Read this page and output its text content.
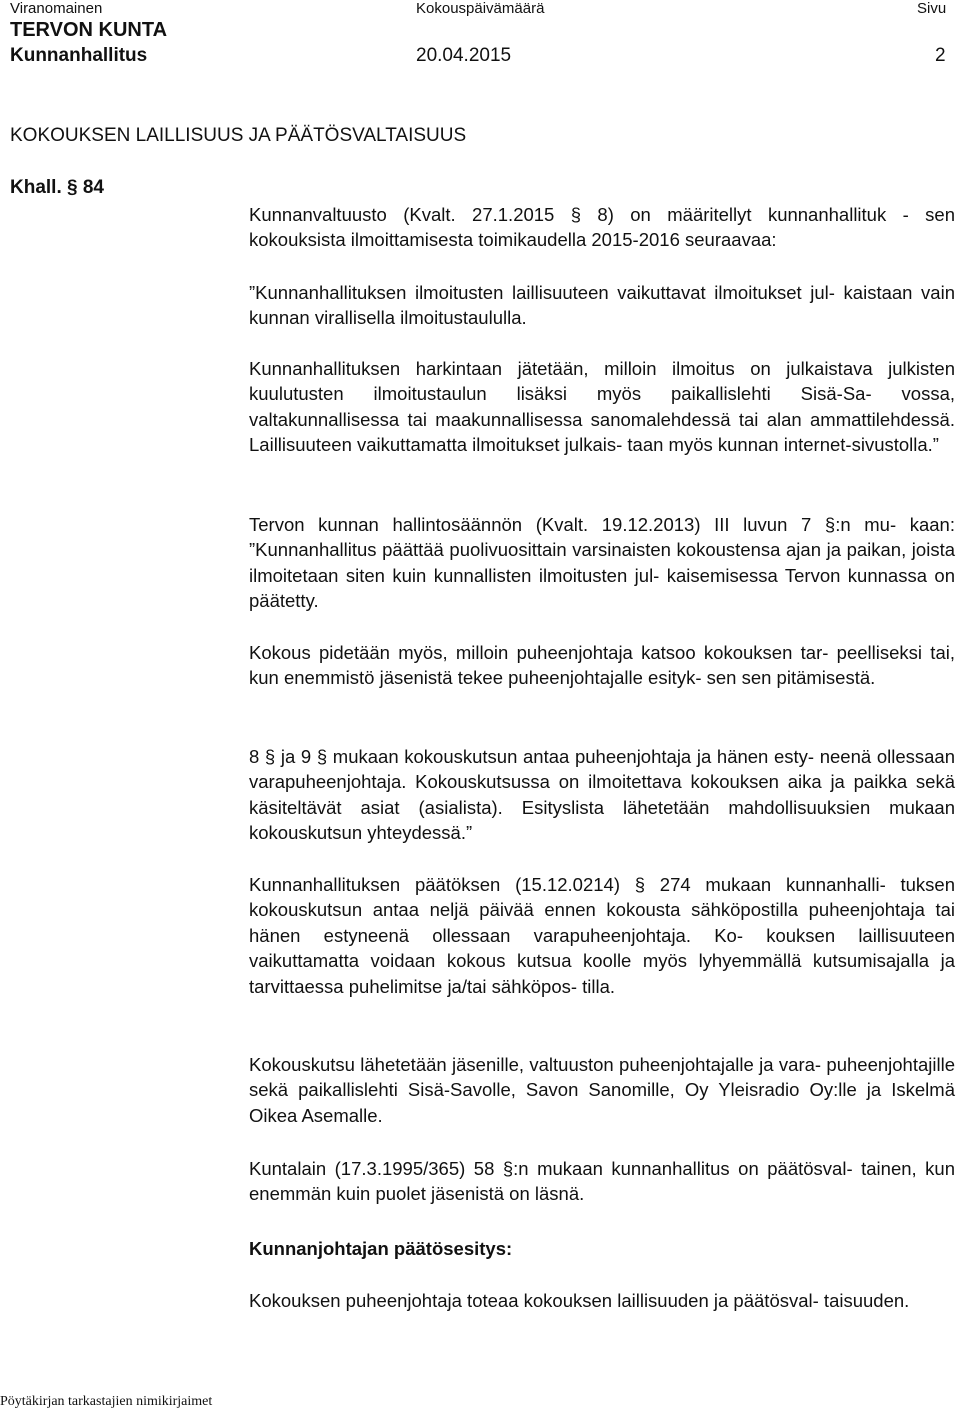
Viranomainen	Kokouspäivämäärä	Sivu
TERVON KUNTA
Kunnanhallitus	20.04.2015	2
KOKOUKSEN LAILLISUUS JA PÄÄTÖSVALTAISUUS
Khall. § 84

Kunnanvaltuusto (Kvalt. 27.1.2015 § 8) on määritellyt kunnanhallituk - sen kokouksista ilmoittamisesta toimikaudella 2015-2016 seuraavaa:

”Kunnanhallituksen ilmoitusten laillisuuteen vaikuttavat ilmoitukset jul- kaistaan vain kunnan virallisella ilmoitustaululla.

Kunnanhallituksen harkintaan jätetään, milloin ilmoitus on julkaistava julkisten kuulutusten ilmoitustaulun lisäksi myös paikallislehti Sisä-Sa- vossa, valtakunnallisessa tai maakunnallisessa sanomalehdessä tai alan ammattilehdessä. Laillisuuteen vaikuttamatta ilmoitukset julkais- taan myös kunnan internet-sivustolla.”

Tervon kunnan hallintosäännön (Kvalt. 19.12.2013) III luvun 7 §:n mu- kaan: ”Kunnanhallitus päättää puolivuosittain varsinaisten kokoustensa ajan ja paikan, joista ilmoitetaan siten kuin kunnallisten ilmoitusten jul- kaisemisessa Tervon kunnassa on päätetty.

Kokous pidetään myös, milloin puheenjohtaja katsoo kokouksen tar- peelliseksi tai, kun enemmistö jäsenistä tekee puheenjohtajalle esityk- sen sen pitämisestä.

8 § ja 9 § mukaan kokouskutsun antaa puheenjohtaja ja hänen esty- neenä ollessaan varapuheenjohtaja. Kokouskutsussa on ilmoitettava kokouksen aika ja paikka sekä käsiteltävät asiat (asialista). Esityslista lähetetään mahdollisuuksien mukaan kokouskutsun yhteydessä.”

Kunnanhallituksen päätöksen (15.12.0214) § 274 mukaan kunnanhalli- tuksen kokouskutsun antaa neljä päivää ennen kokousta sähköpostilla puheenjohtaja tai hänen estyneenä ollessaan varapuheenjohtaja. Ko- kouksen laillisuuteen vaikuttamatta voidaan kokous kutsua koolle myös lyhyemmällä kutsumisajalla ja tarvittaessa puhelimitse ja/tai sähköpos- tilla.

Kokouskutsu lähetetään jäsenille, valtuuston puheenjohtajalle ja vara- puheenjohtajille sekä paikallislehti Sisä-Savolle, Savon Sanomille, Oy Yleisradio Oy:lle ja Iskelmä Oikea Asemalle.

Kuntalain (17.3.1995/365) 58 §:n mukaan kunnanhallitus on päätösval- tainen, kun enemmän kuin puolet jäsenistä on läsnä.

Kunnanjohtajan päätösesitys:

Kokouksen puheenjohtaja toteaa kokouksen laillisuuden ja päätösval- taisuuden.

Pöytäkirjan tarkastajien nimikirjaimet
